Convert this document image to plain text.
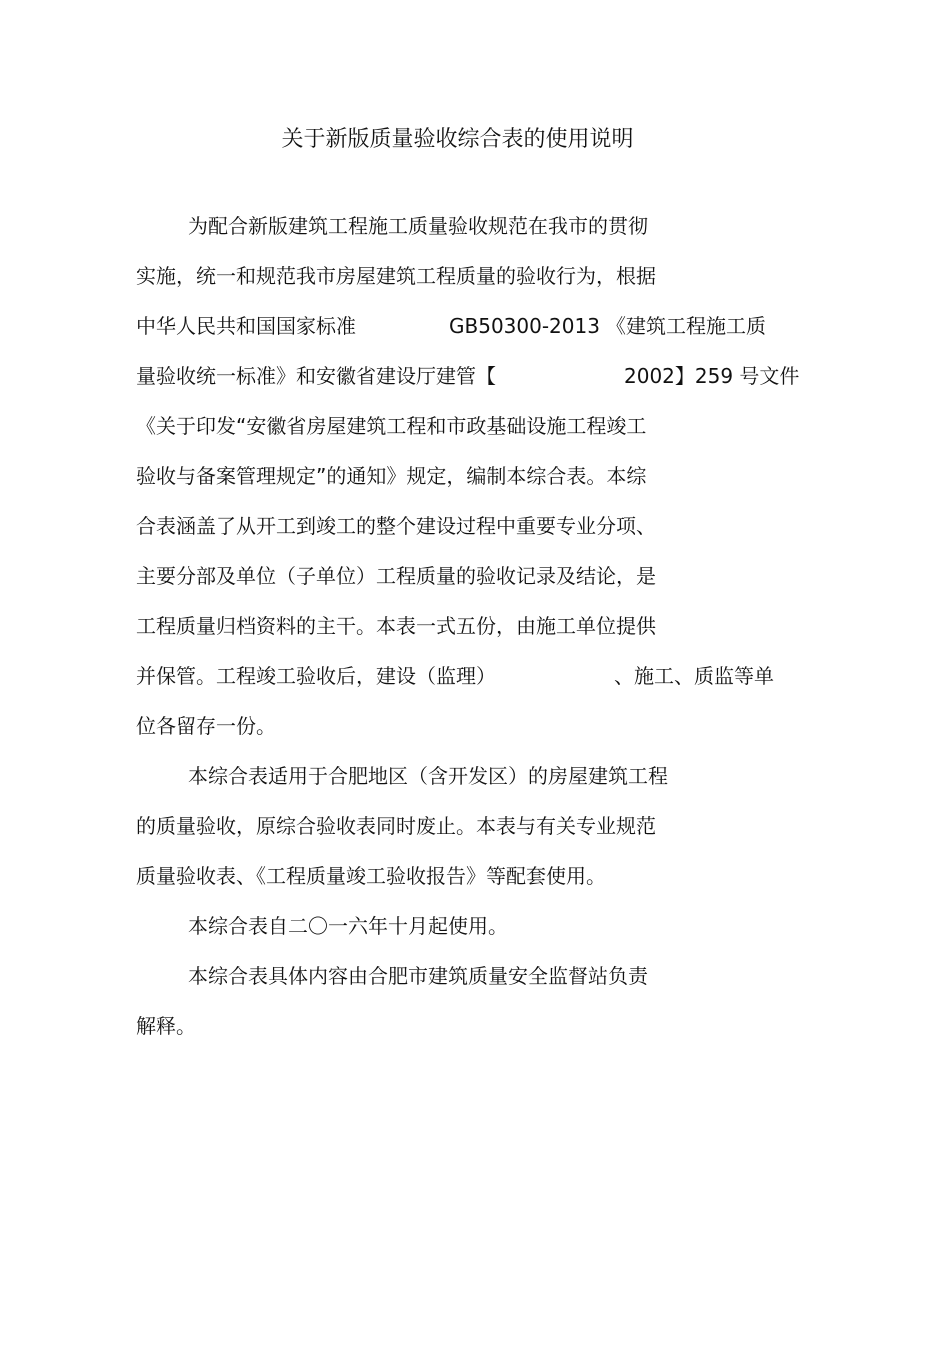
关于新版质量验收综合表的使用说明
为配合新版建筑工程施工质量验收规范在我市的贯彻
实施，统一和规范我市房屋建筑工程质量的验收行为，根据
中华人民共和国国家标准	GB50300-2013 《建筑工程施工质
量验收统一标准》和安徽省建设厅建管【	2002】259 号文件
《关于印发“安徽省房屋建筑工程和市政基础设施工程竣工
验收与备案管理规定”的通知》规定，编制本综合表。本综
合表涵盖了从开工到竣工的整个建设过程中重要专业分项、
主要分部及单位（子单位）工程质量的验收记录及结论，是
工程质量归档资料的主干。本表一式五份，由施工单位提供
并保管。工程竣工验收后，建设（监理）	、施工、质监等单
位各留存一份。
本综合表适用于合肥地区（含开发区）的房屋建筑工程
的质量验收，原综合验收表同时废止。本表与有关专业规范
质量验收表、《工程质量竣工验收报告》等配套使用。
本综合表自二〇一六年十月起使用。
本综合表具体内容由合肥市建筑质量安全监督站负责
解释。
